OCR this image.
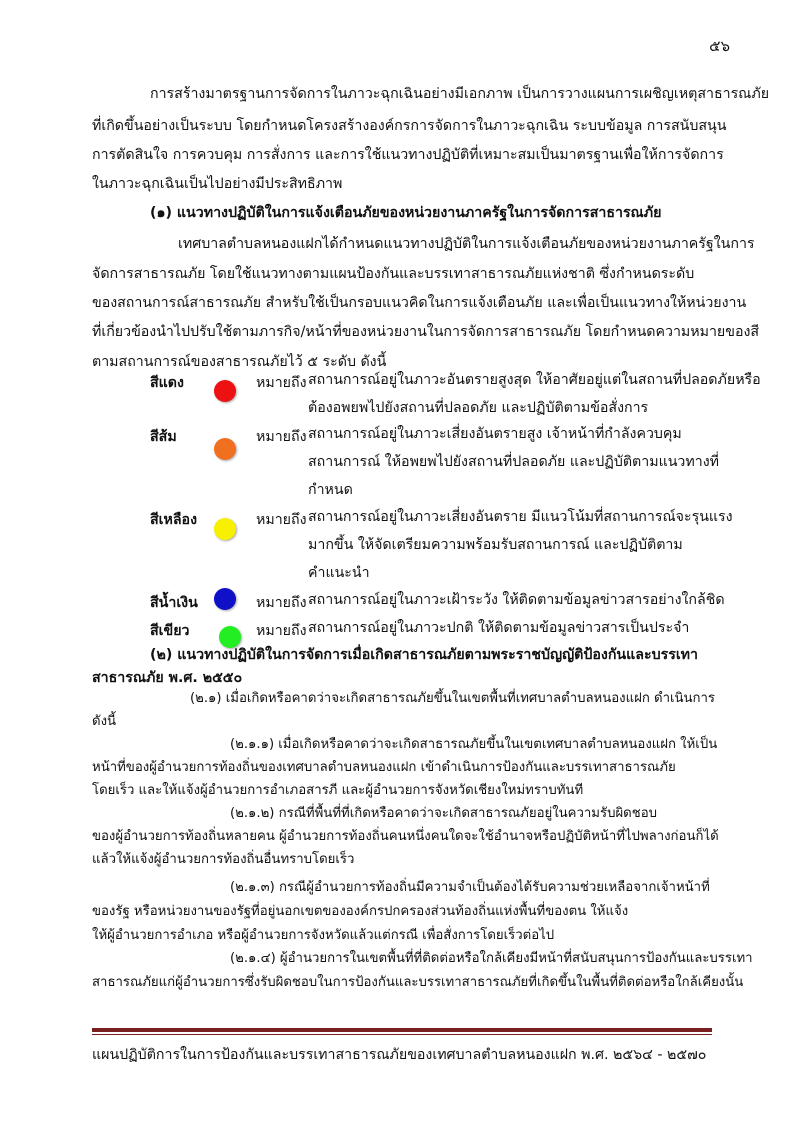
๕๖
การสร้างมาตรฐานการจัดการในภาวะฉุกเฉินอย่างมีเอกภาพ เป็นการวางแผนการเผชิญเหตุสาธารณภัย
ที่เกิดขึ้นอย่างเป็นระบบ โดยกำหนดโครงสร้างองค์กรการจัดการในภาวะฉุกเฉิน ระบบข้อมูล การสนับสนุน
การตัดสินใจ การควบคุม การสั่งการ และการใช้แนวทางปฏิบัติที่เหมาะสมเป็นมาตรฐานเพื่อให้การจัดการ
ในภาวะฉุกเฉินเป็นไปอย่างมีประสิทธิภาพ
(๑) แนวทางปฏิบัติในการแจ้งเตือนภัยของหน่วยงานภาครัฐในการจัดการสาธารณภัย
เทศบาลตำบลหนองแฝกได้กำหนดแนวทางปฏิบัติในการแจ้งเตือนภัยของหน่วยงานภาครัฐในการ
จัดการสาธารณภัย โดยใช้แนวทางตามแผนป้องกันและบรรเทาสาธารณภัยแห่งชาติ ซึ่งกำหนดระดับ
ของสถานการณ์สาธารณภัย สำหรับใช้เป็นกรอบแนวคิดในการแจ้งเตือนภัย และเพื่อเป็นแนวทางให้หน่วยงาน
ที่เกี่ยวข้องนำไปปรับใช้ตามภารกิจ/หน้าที่ของหน่วยงานในการจัดการสาธารณภัย โดยกำหนดความหมายของสี
ตามสถานการณ์ของสาธารณภัยไว้ ๕ ระดับ ดังนี้
สีแดง	หมายถึง สถานการณ์อยู่ในภาวะอันตรายสูงสุด ให้อาศัยอยู่แต่ในสถานที่ปลอดภัยหรือ
ต้องอพยพไปยังสถานที่ปลอดภัย และปฏิบัติตามข้อสั่งการ
สีส้ม	หมายถึง สถานการณ์อยู่ในภาวะเสี่ยงอันตรายสูง เจ้าหน้าที่กำลังควบคุม
สถานการณ์ ให้อพยพไปยังสถานที่ปลอดภัย และปฏิบัติตามแนวทางที่
กำหนด
สีเหลือง	หมายถึง สถานการณ์อยู่ในภาวะเสี่ยงอันตราย มีแนวโน้มที่สถานการณ์จะรุนแรง
มากขึ้น ให้จัดเตรียมความพร้อมรับสถานการณ์ และปฏิบัติตาม
คำแนะนำ
สีน้ำเงิน	หมายถึง สถานการณ์อยู่ในภาวะเฝ้าระวัง ให้ติดตามข้อมูลข่าวสารอย่างใกล้ชิด
สีเขียว	หมายถึง สถานการณ์อยู่ในภาวะปกติ ให้ติดตามข้อมูลข่าวสารเป็นประจำ
(๒) แนวทางปฏิบัติในการจัดการเมื่อเกิดสาธารณภัยตามพระราชบัญญัติป้องกันและบรรเทา
สาธารณภัย พ.ศ. ๒๕๕๐
(๒.๑) เมื่อเกิดหรือคาดว่าจะเกิดสาธารณภัยขึ้นในเขตพื้นที่เทศบาลตำบลหนองแฝก ดำเนินการ
ดังนี้
(๒.๑.๑) เมื่อเกิดหรือคาดว่าจะเกิดสาธารณภัยขึ้นในเขตเทศบาลตำบลหนองแฝก ให้เป็น
หน้าที่ของผู้อำนวยการท้องถิ่นของเทศบาลตำบลหนองแฝก เข้าดำเนินการป้องกันและบรรเทาสาธารณภัย
โดยเร็ว และให้แจ้งผู้อำนวยการอำเภอสารภี และผู้อำนวยการจังหวัดเชียงใหม่ทราบทันที
(๒.๑.๒) กรณีที่พื้นที่ที่เกิดหรือคาดว่าจะเกิดสาธารณภัยอยู่ในความรับผิดชอบ
ของผู้อำนวยการท้องถิ่นหลายคน ผู้อำนวยการท้องถิ่นคนหนึ่งคนใดจะใช้อำนาจหรือปฏิบัติหน้าที่ไปพลางก่อนก็ได้
แล้วให้แจ้งผู้อำนวยการท้องถิ่นอื่นทราบโดยเร็ว
(๒.๑.๓) กรณีผู้อำนวยการท้องถิ่นมีความจำเป็นต้องได้รับความช่วยเหลือจากเจ้าหน้าที่
ของรัฐ หรือหน่วยงานของรัฐที่อยู่นอกเขตขององค์กรปกครองส่วนท้องถิ่นแห่งพื้นที่ของตน ให้แจ้ง
ให้ผู้อำนวยการอำเภอ หรือผู้อำนวยการจังหวัดแล้วแต่กรณี เพื่อสั่งการโดยเร็วต่อไป
(๒.๑.๔) ผู้อำนวยการในเขตพื้นที่ที่ติดต่อหรือใกล้เคียงมีหน้าที่สนับสนุนการป้องกันและบรรเทา
สาธารณภัยแก่ผู้อำนวยการซึ่งรับผิดชอบในการป้องกันและบรรเทาสาธารณภัยที่เกิดขึ้นในพื้นที่ติดต่อหรือใกล้เคียงนั้น
แผนปฏิบัติการในการป้องกันและบรรเทาสาธารณภัยของเทศบาลตำบลหนองแฝก พ.ศ. ๒๕๖๔ - ๒๕๗๐
